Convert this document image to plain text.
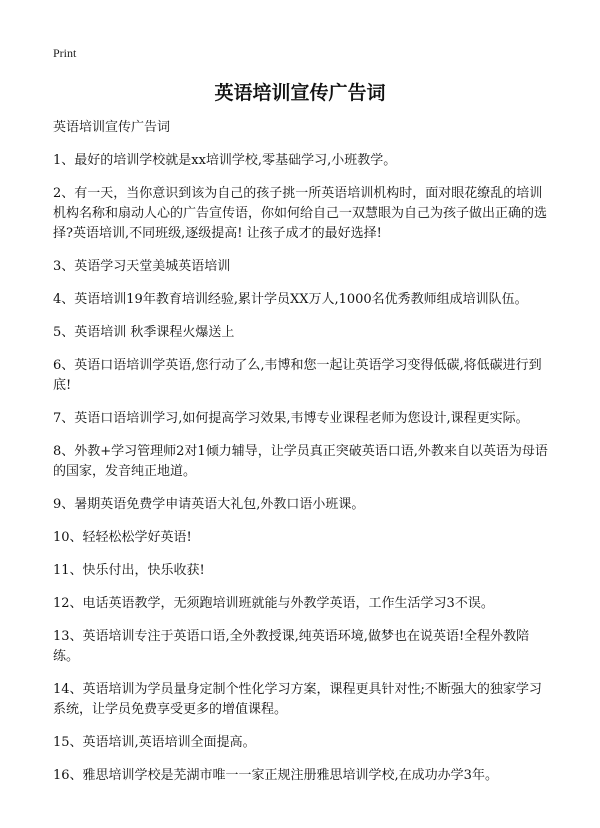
Print
英语培训宣传广告词

英语培训宣传广告词

1、最好的培训学校就是xx培训学校,零基础学习,小班教学。
2、有一天，当你意识到该为自己的孩子挑一所英语培训机构时，面对眼花缭乱的培训机构名称和扇动人心的广告宣传语，你如何给自己一双慧眼为自己为孩子做出正确的选择?英语培训,不同班级,逐级提高! 让孩子成才的最好选择!
3、英语学习天堂美城英语培训
4、英语培训19年教育培训经验,累计学员XX万人,1000名优秀教师组成培训队伍。
5、英语培训 秋季课程火爆送上
6、英语口语培训学英语,您行动了么,韦博和您一起让英语学习变得低碳,将低碳进行到底!
7、英语口语培训学习,如何提高学习效果,韦博专业课程老师为您设计,课程更实际。
8、外教+学习管理师2对1倾力辅导，让学员真正突破英语口语,外教来自以英语为母语的国家，发音纯正地道。
9、暑期英语免费学申请英语大礼包,外教口语小班课。
10、轻轻松松学好英语!
11、快乐付出，快乐收获!
12、电话英语教学，无须跑培训班就能与外教学英语，工作生活学习3不误。
13、英语培训专注于英语口语,全外教授课,纯英语环境,做梦也在说英语!全程外教陪练。
14、英语培训为学员量身定制个性化学习方案，课程更具针对性;不断强大的独家学习系统，让学员免费享受更多的增值课程。
15、英语培训,英语培训全面提高。
16、雅思培训学校是芜湖市唯一一家正规注册雅思培训学校,在成功办学3年。
